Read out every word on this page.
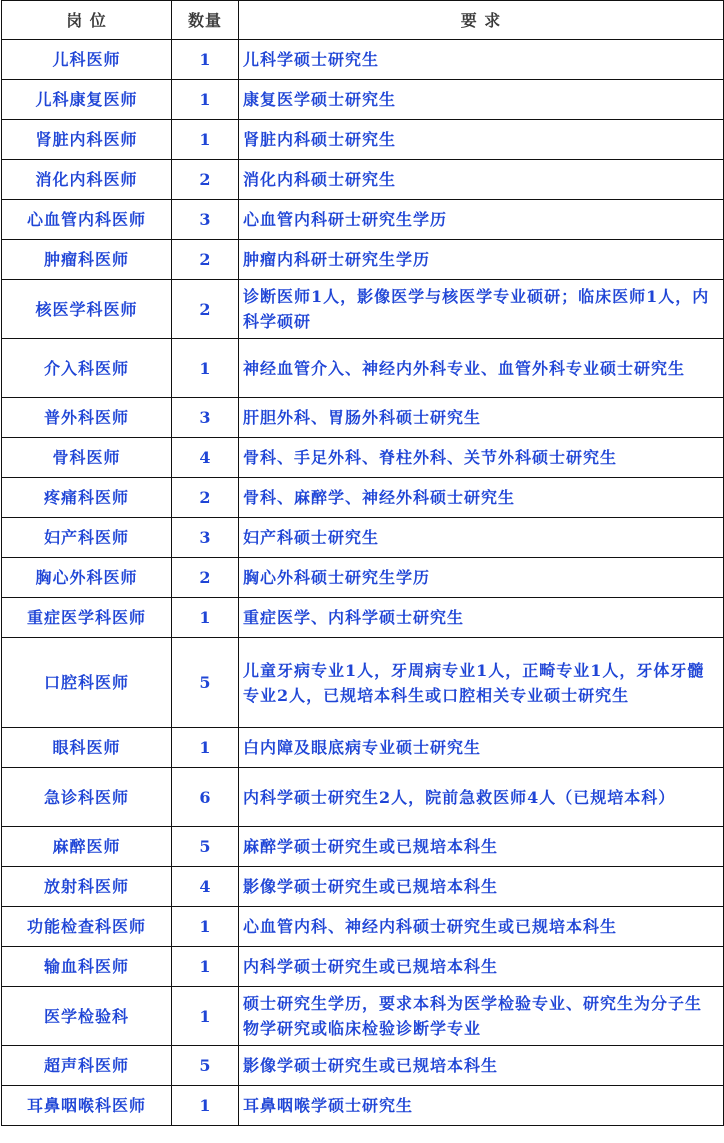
岗 位	数量	要 求
儿科医师	1	儿科学硕士研究生
儿科康复医师	1	康复医学硕士研究生
肾脏内科医师	1	肾脏内科硕士研究生
消化内科医师	2	消化内科硕士研究生
心血管内科医师	3	心血管内科研士研究生学历
肿瘤科医师	2	肿瘤内科研士研究生学历
核医学科医师	2	诊断医师1人，影像医学与核医学专业硕研；临床医师1人，内科学硕研
介入科医师	1	神经血管介入、神经内外科专业、血管外科专业硕士研究生
普外科医师	3	肝胆外科、胃肠外科硕士研究生
骨科医师	4	骨科、手足外科、脊柱外科、关节外科硕士研究生
疼痛科医师	2	骨科、麻醉学、神经外科硕士研究生
妇产科医师	3	妇产科硕士研究生
胸心外科医师	2	胸心外科硕士研究生学历
重症医学科医师	1	重症医学、内科学硕士研究生
口腔科医师	5	儿童牙病专业1人，牙周病专业1人，正畸专业1人，牙体牙髓专业2人，已规培本科生或口腔相关专业硕士研究生
眼科医师	1	白内障及眼底病专业硕士研究生
急诊科医师	6	内科学硕士研究生2人，院前急救医师4人（已规培本科）
麻醉医师	5	麻醉学硕士研究生或已规培本科生
放射科医师	4	影像学硕士研究生或已规培本科生
功能检查科医师	1	心血管内科、神经内科硕士研究生或已规培本科生
输血科医师	1	内科学硕士研究生或已规培本科生
医学检验科	1	硕士研究生学历，要求本科为医学检验专业、研究生为分子生物学研究或临床检验诊断学专业
超声科医师	5	影像学硕士研究生或已规培本科生
耳鼻咽喉科医师	1	耳鼻咽喉学硕士研究生
